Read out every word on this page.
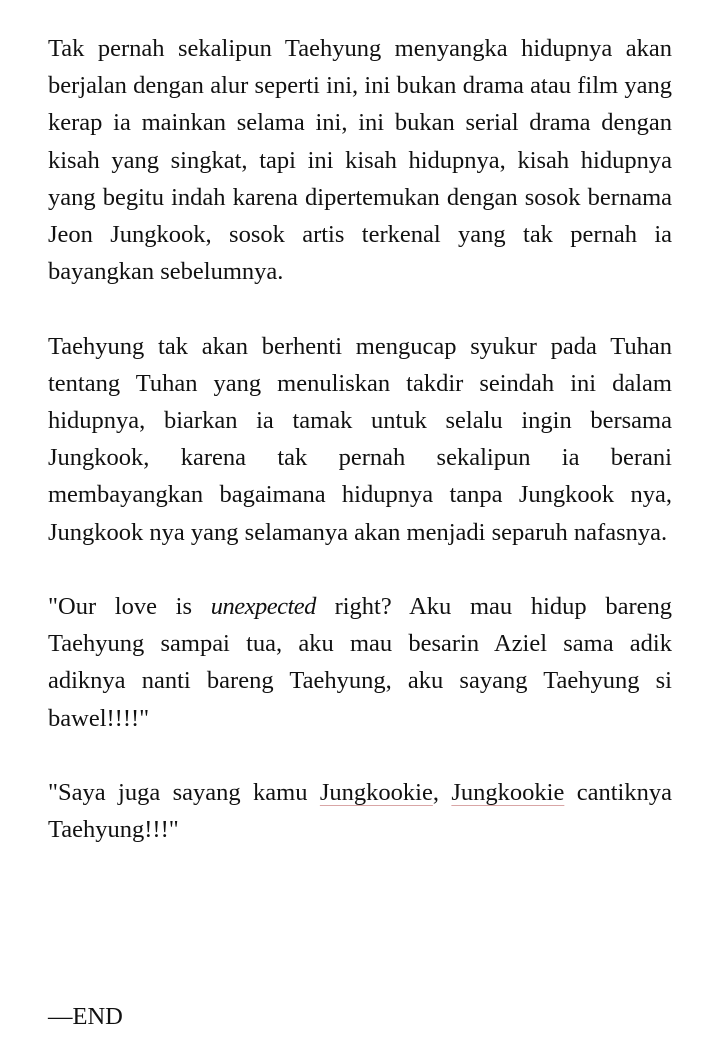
Tak pernah sekalipun Taehyung menyangka hidupnya akan berjalan dengan alur seperti ini, ini bukan drama atau film yang kerap ia mainkan selama ini, ini bukan serial drama dengan kisah yang singkat, tapi ini kisah hidupnya, kisah hidupnya yang begitu indah karena dipertemukan dengan sosok bernama Jeon Jungkook, sosok artis terkenal yang tak pernah ia bayangkan sebelumnya.

Taehyung tak akan berhenti mengucap syukur pada Tuhan tentang Tuhan yang menuliskan takdir seindah ini dalam hidupnya, biarkan ia tamak untuk selalu ingin bersama Jungkook, karena tak pernah sekalipun ia berani membayangkan bagaimana hidupnya tanpa Jungkook nya, Jungkook nya yang selamanya akan menjadi separuh nafasnya.

"Our love is unexpected right? Aku mau hidup bareng Taehyung sampai tua, aku mau besarin Aziel sama adik adiknya nanti bareng Taehyung, aku sayang Taehyung si bawel!!!!"

"Saya juga sayang kamu Jungkookie, Jungkookie cantiknya Taehyung!!!"

—END
